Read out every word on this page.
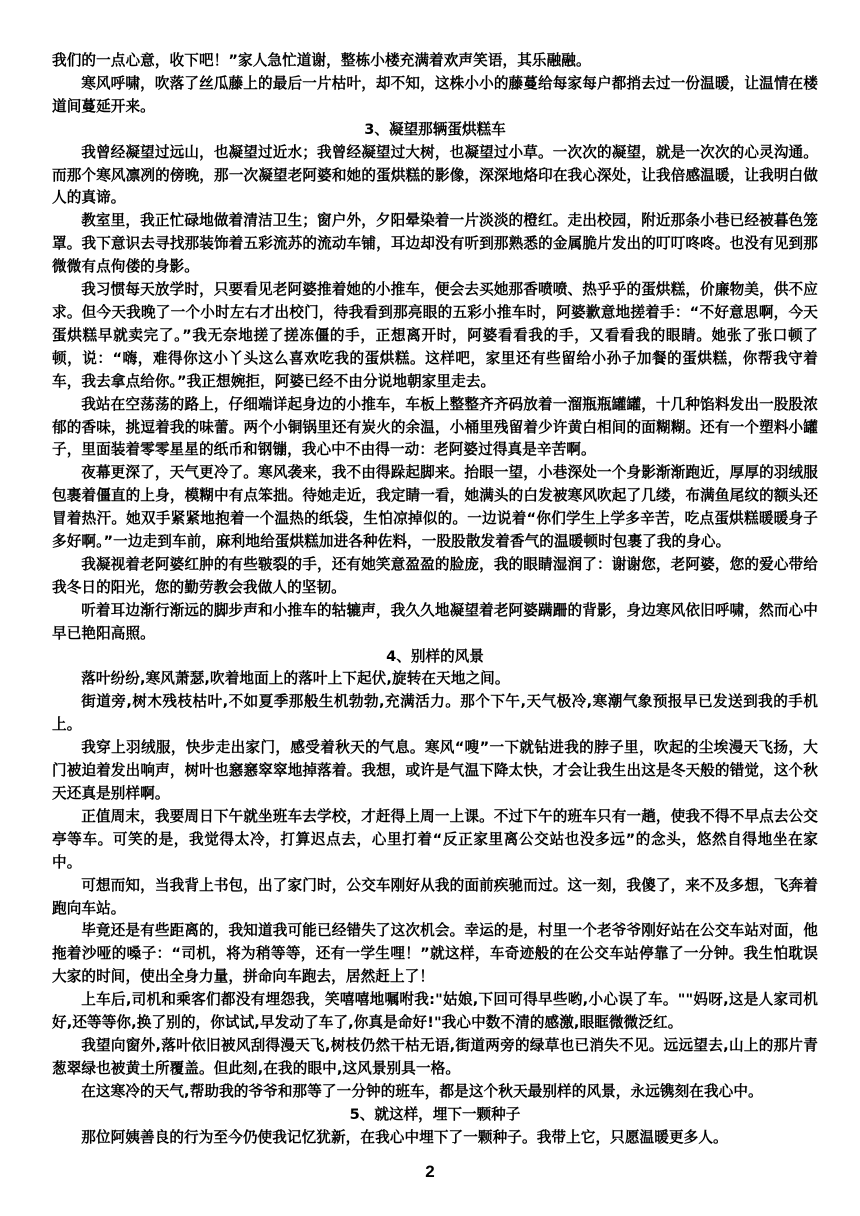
我们的一点心意，收下吧！”家人急忙道谢，整栋小楼充满着欢声笑语，其乐融融。

寒风呼啸，吹落了丝瓜藤上的最后一片枯叶，却不知，这株小小的藤蔓给每家每户都捎去过一份温暖，让温情在楼道间蔓延开来。

3、凝望那辆蛋烘糕车

我曾经凝望过远山，也凝望过近水；我曾经凝望过大树，也凝望过小草。一次次的凝望，就是一次次的心灵沟通。而那个寒风凛冽的傍晚，那一次凝望老阿婆和她的蛋烘糕的影像，深深地烙印在我心深处，让我倍感温暖，让我明白做人的真谛。

教室里，我正忙碌地做着清洁卫生；窗户外，夕阳晕染着一片淡淡的橙红。走出校园，附近那条小巷已经被暮色笼罩。我下意识去寻找那装饰着五彩流苏的流动车铺，耳边却没有听到那熟悉的金属脆片发出的叮叮咚咚。也没有见到那微微有点佝偻的身影。

我习惯每天放学时，只要看见老阿婆推着她的小推车，便会去买她那香喷喷、热乎乎的蛋烘糕，价廉物美，供不应求。但今天我晚了一个小时左右才出校门，待我看到那亮眼的五彩小推车时，阿婆歉意地搓着手：“不好意思啊，今天蛋烘糕早就卖完了。”我无奈地搓了搓冻僵的手，正想离开时，阿婆看看我的手，又看看我的眼睛。她张了张口顿了顿，说：“嗨，难得你这小丫头这么喜欢吃我的蛋烘糕。这样吧，家里还有些留给小孙子加餐的蛋烘糕，你帮我守着车，我去拿点给你。”我正想婉拒，阿婆已经不由分说地朝家里走去。

我站在空荡荡的路上，仔细端详起身边的小推车，车板上整整齐齐码放着一溜瓶瓶罐罐，十几种馅料发出一股股浓郁的香味，挑逗着我的味蕾。两个小铜锅里还有炭火的余温，小桶里残留着少许黄白相间的面糊糊。还有一个塑料小罐子，里面装着零零星星的纸币和钢镚，我心中不由得一动：老阿婆过得真是辛苦啊。

夜幕更深了，天气更冷了。寒风袭来，我不由得跺起脚来。抬眼一望，小巷深处一个身影渐渐跑近，厚厚的羽绒服包裹着僵直的上身，模糊中有点笨拙。待她走近，我定睛一看，她满头的白发被寒风吹起了几缕，布满鱼尾纹的额头还冒着热汗。她双手紧紧地抱着一个温热的纸袋，生怕凉掉似的。一边说着“你们学生上学多辛苦，吃点蛋烘糕暖暖身子多好啊。”一边走到车前，麻利地给蛋烘糕加进各种佐料，一股股散发着香气的温暖顿时包裹了我的身心。

我凝视着老阿婆红肿的有些皲裂的手，还有她笑意盈盈的脸庞，我的眼睛湿润了：谢谢您，老阿婆，您的爱心带给我冬日的阳光，您的勤劳教会我做人的坚韧。

听着耳边渐行渐远的脚步声和小推车的轱辘声，我久久地凝望着老阿婆蹒跚的背影，身边寒风依旧呼啸，然而心中早已艳阳高照。

4、别样的风景

落叶纷纷,寒风萧瑟,吹着地面上的落叶上下起伏,旋转在天地之间。

街道旁,树木残枝枯叶,不如夏季那般生机勃勃,充满活力。那个下午,天气极冷,寒潮气象预报早已发送到我的手机上。

我穿上羽绒服，快步走出家门，感受着秋天的气息。寒风“嗖”一下就钻进我的脖子里，吹起的尘埃漫天飞扬，大门被迫着发出响声，树叶也窸窸窣窣地掉落着。我想，或许是气温下降太快，才会让我生出这是冬天般的错觉，这个秋天还真是别样啊。

正值周末，我要周日下午就坐班车去学校，才赶得上周一上课。不过下午的班车只有一趟，使我不得不早点去公交亭等车。可笑的是，我觉得太冷，打算迟点去，心里打着“反正家里离公交站也没多远”的念头，悠然自得地坐在家中。

可想而知，当我背上书包，出了家门时，公交车刚好从我的面前疾驰而过。这一刻，我傻了，来不及多想，飞奔着跑向车站。

毕竟还是有些距离的，我知道我可能已经错失了这次机会。幸运的是，村里一个老爷爷刚好站在公交车站对面，他拖着沙哑的嗓子：“司机，将为稍等等，还有一学生哩！”就这样，车奇迹般的在公交车站停靠了一分钟。我生怕耽误大家的时间，使出全身力量，拼命向车跑去，居然赶上了！

上车后,司机和乘客们都没有埋怨我，笑嘻嘻地嘱咐我:"姑娘,下回可得早些哟,小心误了车。""妈呀,这是人家司机好,还等等你,换了别的，你试试,早发动了车了,你真是命好!"我心中数不清的感激,眼眶微微泛红。

我望向窗外,落叶依旧被风刮得漫天飞,树枝仍然干枯无语,街道两旁的绿草也已消失不见。远远望去,山上的那片青葱翠绿也被黄土所覆盖。但此刻,在我的眼中,这风景别具一格。

在这寒冷的天气,帮助我的爷爷和那等了一分钟的班车，都是这个秋天最别样的风景，永远镌刻在我心中。

5、就这样，埋下一颗种子

那位阿姨善良的行为至今仍使我记忆犹新，在我心中埋下了一颗种子。我带上它，只愿温暖更多人。

2
